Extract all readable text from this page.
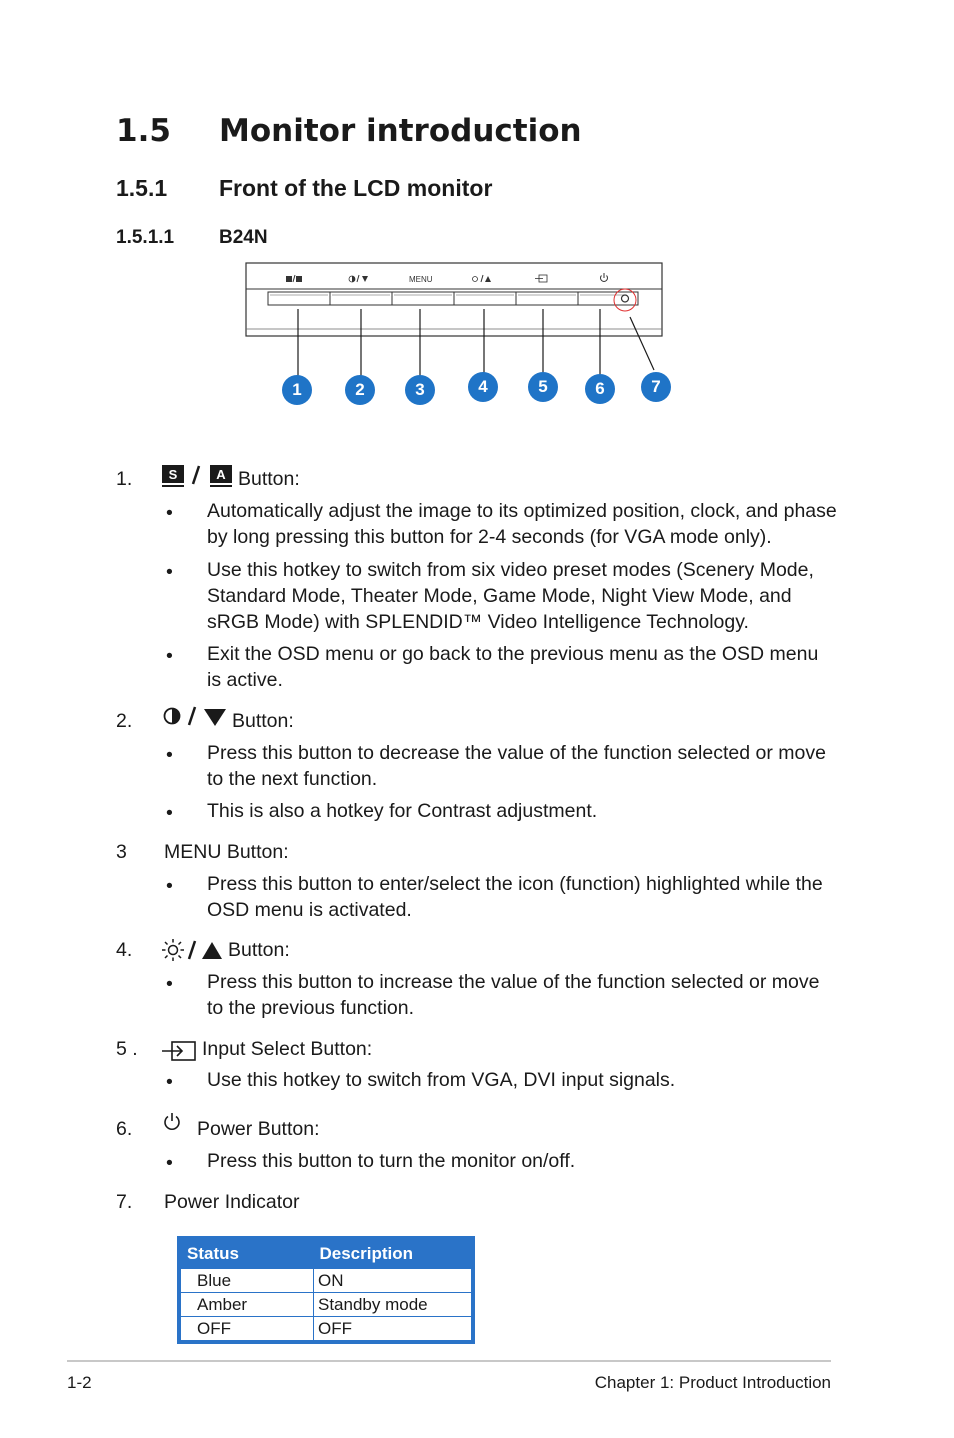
1.5 Monitor introduction
1.5.1 Front of the LCD monitor
1.5.1.1 B24N
MENU
1	2	3	4	5	6	7
1.	S	A Button:
• Automatically adjust the image to its optimized position, clock, and phase by long pressing this button for 2-4 seconds (for VGA mode only).
• Use this hotkey to switch from six video preset modes (Scenery Mode, Standard Mode, Theater Mode, Game Mode, Night View Mode, and sRGB Mode) with SPLENDID™ Video Intelligence Technology.
• Exit the OSD menu or go back to the previous menu as the OSD menu is active.
2.	Button:
• Press this button to decrease the value of the function selected or move to the next function.
• This is also a hotkey for Contrast adjustment.
3 MENU Button:
• Press this button to enter/select the icon (function) highlighted while the OSD menu is activated.
4.	Button:
• Press this button to increase the value of the function selected or move to the previous function.
5 .	Input Select Button:
• Use this hotkey to switch from VGA, DVI input signals.
6.	Power Button:
• Press this button to turn the monitor on/off.
7. Power Indicator
Status	Description
Blue	ON
Amber	Standby mode
OFF	OFF
1-2	Chapter 1: Product Introduction
